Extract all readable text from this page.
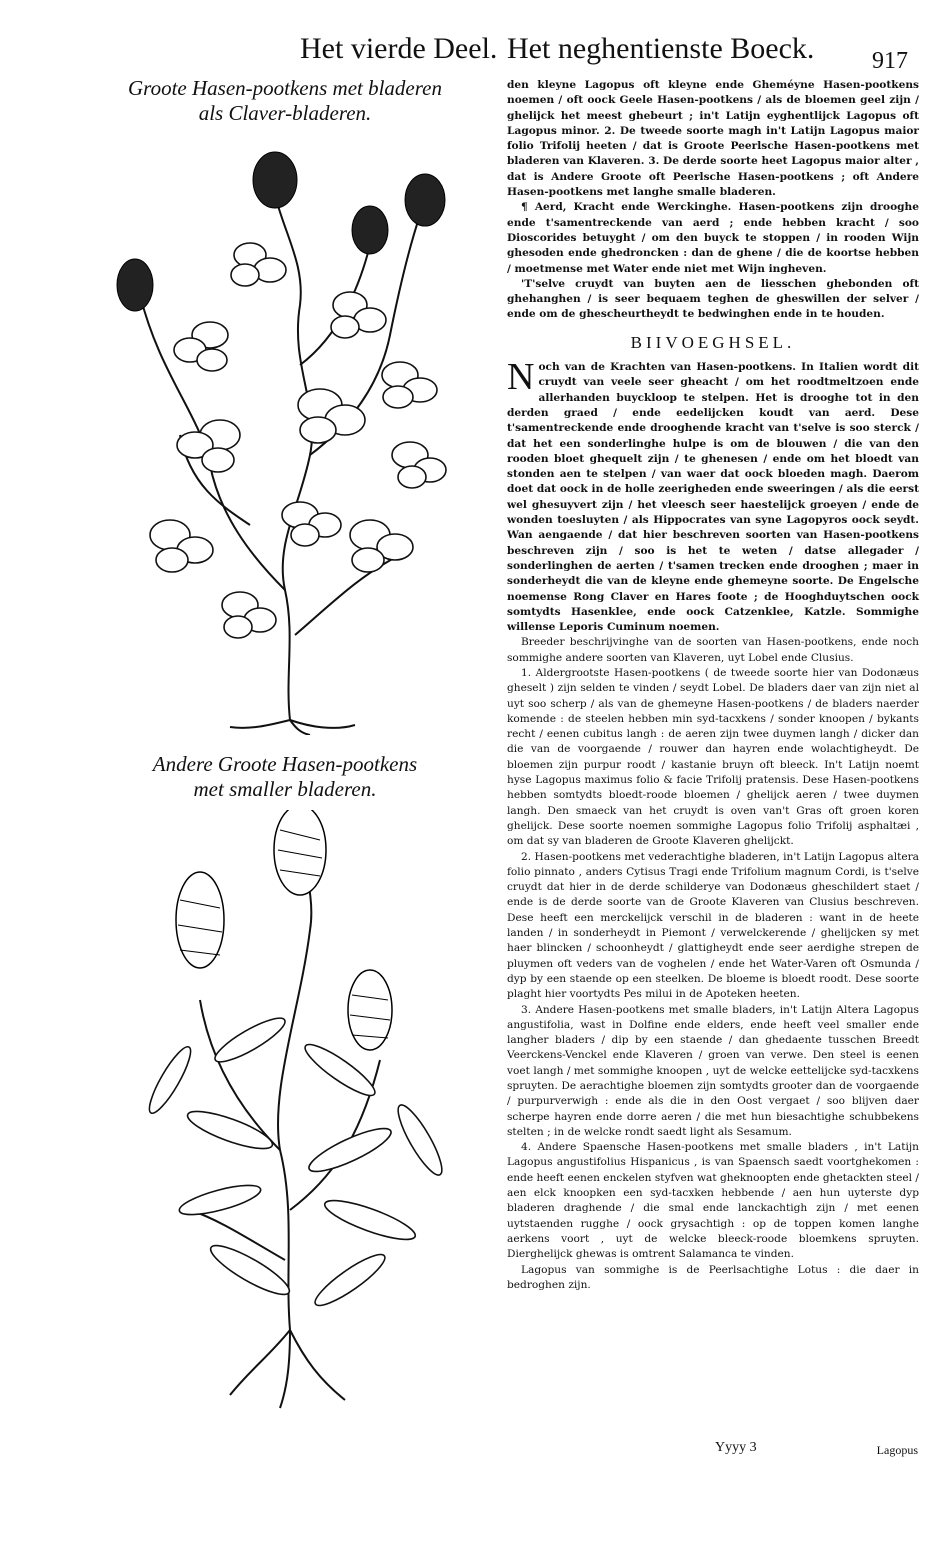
Het vierde Deel. Het neghentienste Boeck. 917
Groote Hasen-pootkens met bladeren
als Claver-bladeren.
Andere Groote Hasen-pootkens
met smaller bladeren.

den kleyne Lagopus oft kleyne ende Gheméyne Hasen-pootkens noemen / oft oock Geele Hasen-pootkens / als de bloemen geel zijn / ghelijck het meest ghebeurt ; in't Latijn eyghentlijck Lagopus oft Lagopus minor. 2. De tweede soorte magh in't Latijn Lagopus maior folio Trifolij heeten / dat is Groote Peerlsche Hasen-pootkens met bladeren van Klaveren. 3. De derde soorte heet Lagopus maior alter , dat is Andere Groote oft Peerlsche Hasen-pootkens ; oft Andere Hasen-pootkens met langhe smalle bladeren.

¶ Aerd, Kracht ende Werckinghe. Hasen-pootkens zijn drooghe ende t'samentreckende van aerd ; ende hebben kracht / soo Dioscorides betuyght / om den buyck te stoppen / in rooden Wijn ghesoden ende ghedroncken : dan de ghene / die de koortse hebben / moetmense met Water ende niet met Wijn ingheven.

'T'selve cruydt van buyten aen de liesschen ghebonden oft ghehanghen / is seer bequaem teghen de gheswillen der selver / ende om de ghescheurtheydt te bedwinghen ende in te houden.

BIIVOEGHSEL.

Noch van de Krachten van Hasen-pootkens. In Italien wordt dit cruydt van veele seer gheacht / om het roodtmeltzoen ende allerhanden buyckloop te stelpen. Het is drooghe tot in den derden graed / ende eedelijcken koudt van aerd. Dese t'samentreckende ende drooghende kracht van t'selve is soo sterck / dat het een sonderlinghe hulpe is om de blouwen / die van den rooden bloet ghequelt zijn / te ghenesen / ende om het bloedt van stonden aen te stelpen / van waer dat oock bloeden magh. Daerom doet dat oock in de holle zeerigheden ende sweeringen / als die eerst wel ghesuyvert zijn / het vleesch seer haestelijck groeyen / ende de wonden toesluyten / als Hippocrates van syne Lagopyros oock seydt. Wan aengaende / dat hier beschreven soorten van Hasen-pootkens beschreven zijn / soo is het te weten / datse allegader / sonderlinghen de aerten / t'samen trecken ende drooghen ; maer in sonderheydt die van de kleyne ende ghemeyne soorte. De Engelsche noemense Rong Claver en Hares foote ; de Hooghduytschen oock somtydts Hasenklee, ende oock Catzenklee, Katzle. Sommighe willense Leporis Cuminum noemen.

Breeder beschrijvinghe van de soorten van Hasen-pootkens, ende noch sommighe andere soorten van Klaveren, uyt Lobel ende Clusius.

1. Aldergrootste Hasen-pootkens ( de tweede soorte hier van Dodonæus gheselt ) zijn selden te vinden / seydt Lobel. De bladers daer van zijn niet al uyt soo scherp / als van de ghemeyne Hasen-pootkens / de bladers naerder komende : de steelen hebben min syd-tacxkens / sonder knoopen / bykants recht / eenen cubitus langh : de aeren zijn twee duymen langh / dicker dan die van de voorgaende / rouwer dan hayren ende wolachtigheydt. De bloemen zijn purpur roodt / kastanie bruyn oft bleeck. In't Latijn noemt hyse Lagopus maximus folio & facie Trifolij pratensis. Dese Hasen-pootkens hebben somtydts bloedt-roode bloemen / ghelijck aeren / twee duymen langh. Den smaeck van het cruydt is oven van't Gras oft groen koren ghelijck. Dese soorte noemen sommighe Lagopus folio Trifolij asphaltæi , om dat sy van bladeren de Groote Klaveren ghelijckt.

2. Hasen-pootkens met vederachtighe bladeren, in't Latijn Lagopus altera folio pinnato , anders Cytisus Tragi ende Trifolium magnum Cordi, is t'selve cruydt dat hier in de derde schilderye van Dodonæus gheschildert staet / ende is de derde soorte van de Groote Klaveren van Clusius beschreven. Dese heeft een merckelijck verschil in de bladeren : want in de heete landen / in sonderheydt in Piemont / verwelckerende / ghelijcken sy met haer blincken / schoonheydt / glattigheydt ende seer aerdighe strepen de pluymen oft veders van de voghelen / ende het Water-Varen oft Osmunda / dyp by een staende op een steelken. De bloeme is bloedt roodt. Dese soorte plaght hier voortydts Pes milui in de Apoteken heeten.

3. Andere Hasen-pootkens met smalle bladers, in't Latijn Altera Lagopus angustifolia, wast in Dolfine ende elders, ende heeft veel smaller ende langher bladers / dip by een staende / dan ghedaente tusschen Breedt Veerckens-Venckel ende Klaveren / groen van verwe. Den steel is eenen voet langh / met sommighe knoopen , uyt de welcke eettelijcke syd-tacxkens spruyten. De aerachtighe bloemen zijn somtydts grooter dan de voorgaende / purpurverwigh : ende als die in den Oost vergaet / soo blijven daer scherpe hayren ende dorre aeren / die met hun biesachtighe schubbekens stelten ; in de welcke rondt saedt light als Sesamum.

4. Andere Spaensche Hasen-pootkens met smalle bladers , in't Latijn Lagopus angustifolius Hispanicus , is van Spaensch saedt voortghekomen : ende heeft eenen enckelen styfven wat gheknoopten ende ghetackten steel / aen elck knoopken een syd-tacxken hebbende / aen hun uyterste dyp bladeren draghende / die smal ende lanckachtigh zijn / met eenen uytstaenden rugghe / oock grysachtigh : op de toppen komen langhe aerkens voort , uyt de welcke bleeck-roode bloemkens spruyten. Dierghelijck ghewas is omtrent Salamanca te vinden.

Lagopus van sommighe is de Peerlsachtighe Lotus : die daer in bedroghen zijn.

Yyyy 3	Lagopus
